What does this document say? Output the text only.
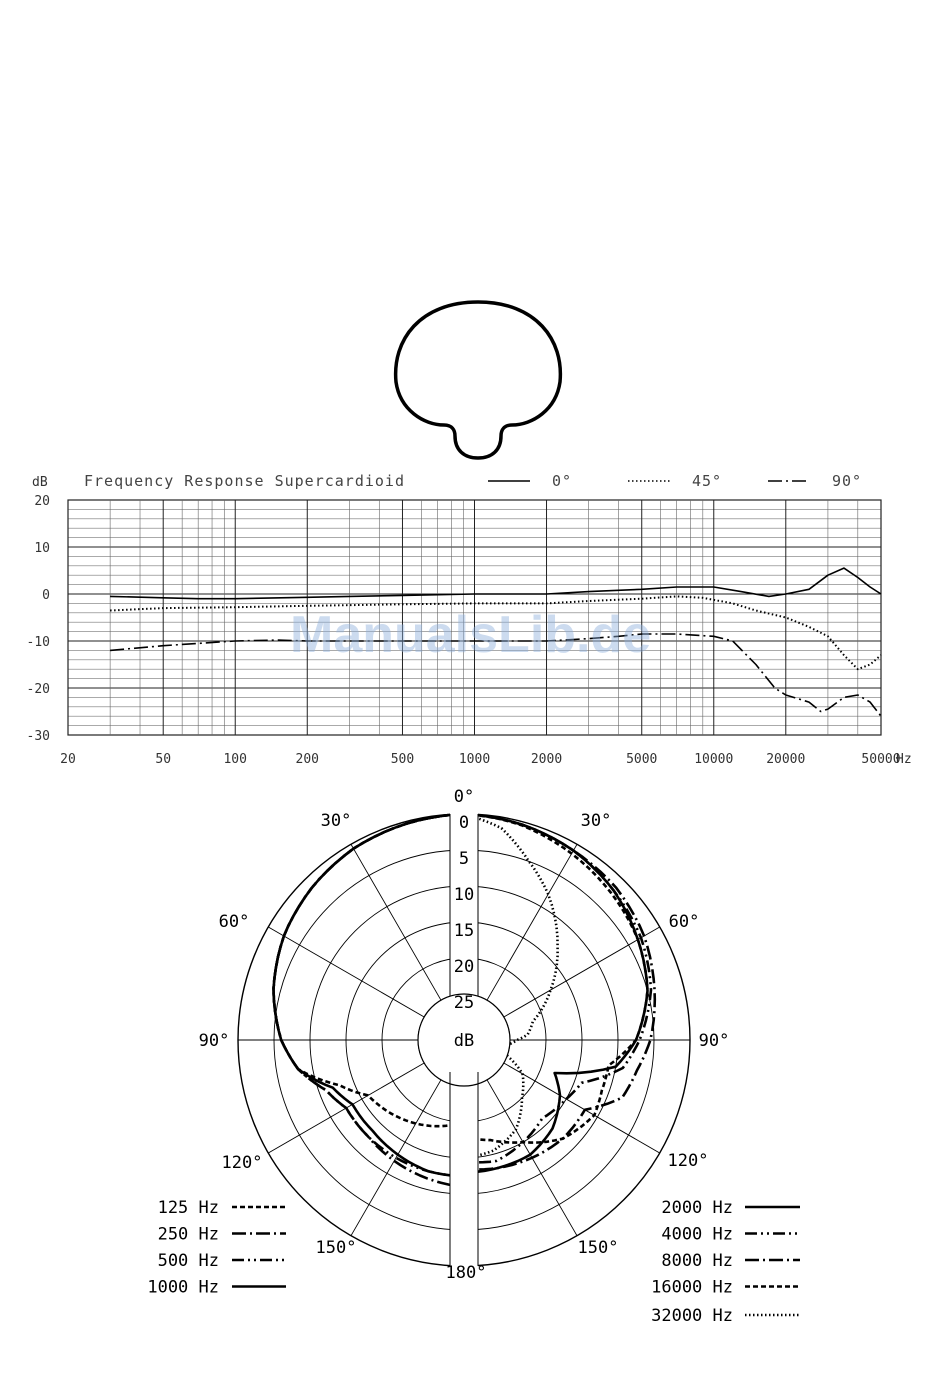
dB Frequency Response Supercardioid
20
10
0
-10
-20
-30
20	50	100	200	500	1000	2000	5000	10000	20000	50000
Hz
0°	45°	90°
ManualsLib.de
dB
0
5
10
15
20
25
0°
30°
60°
90°
120°
150°
180°
150°
120°
90°
60°
30°
125 Hz
250 Hz
500 Hz
1000 Hz
2000 Hz
4000 Hz
8000 Hz
16000 Hz
32000 Hz
